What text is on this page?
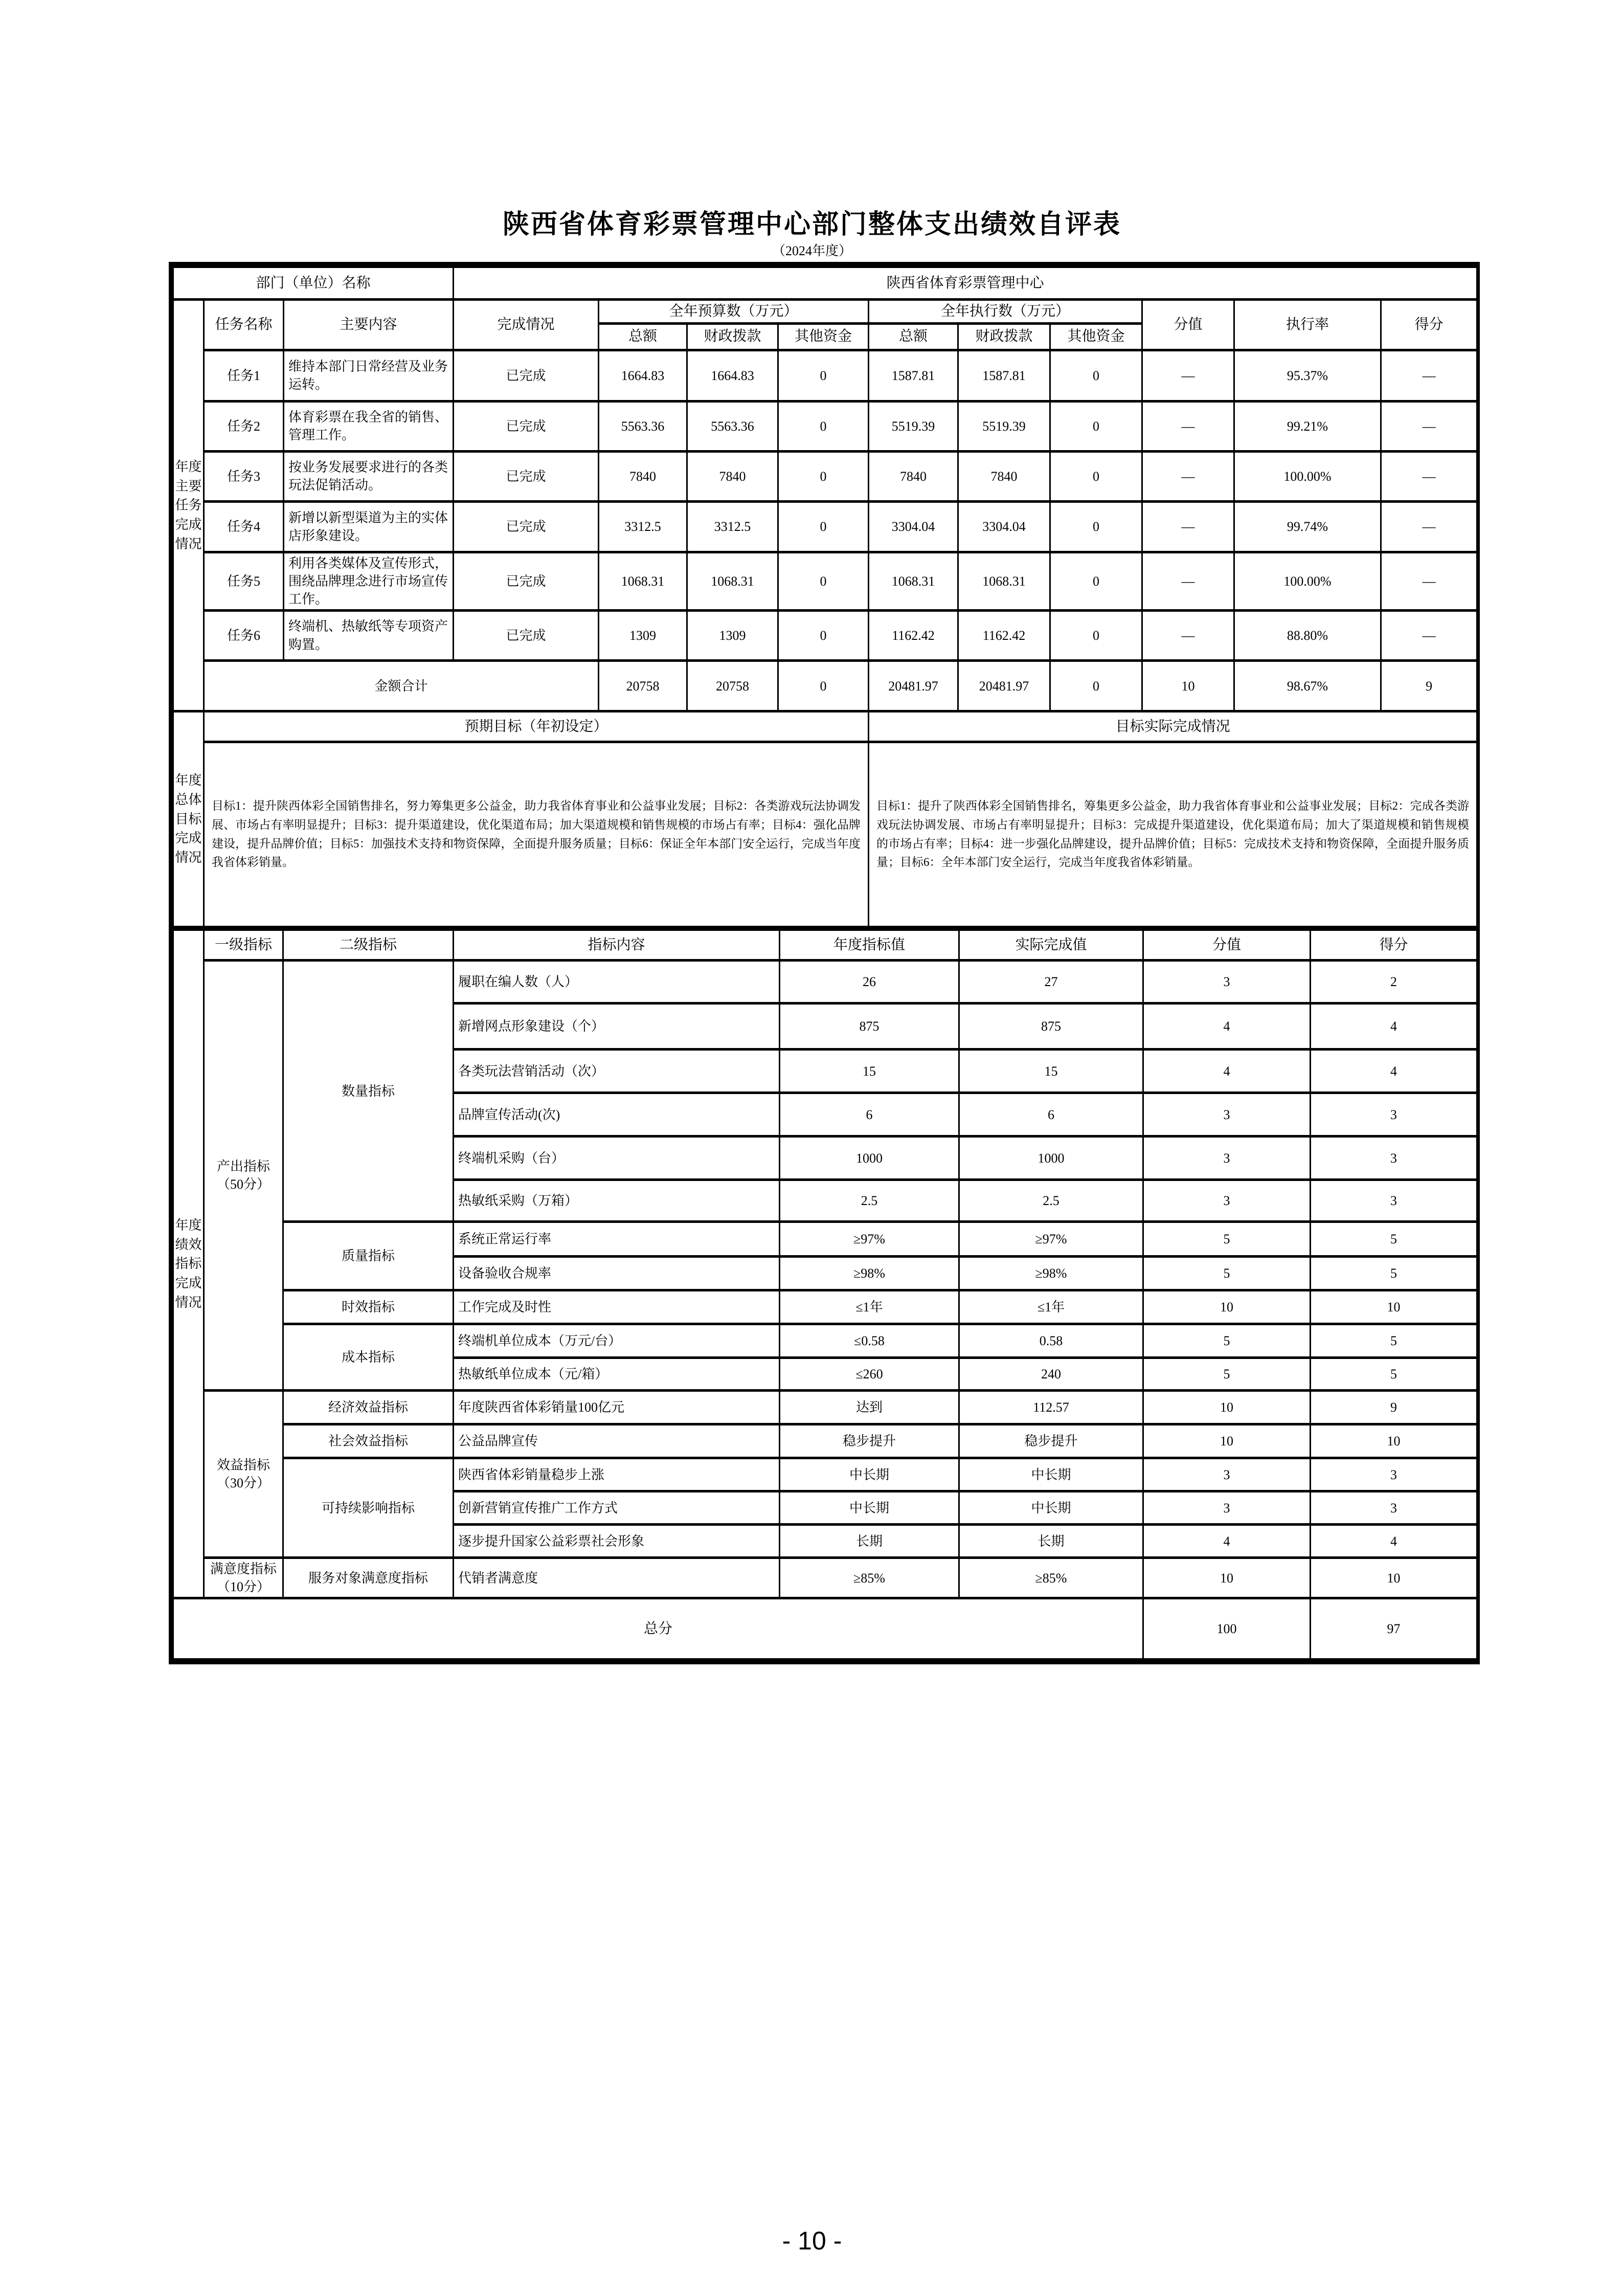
陕西省体育彩票管理中心部门整体支出绩效自评表
（2024年度）
部门（单位）名称			陕西省体育彩票管理中心									
年度主要任务完成情况	任务名称	主要内容	完成情况	全年预算数（万元）			全年执行数（万元）			分值	执行率	得分
				总额	财政拨款	其他资金	总额	财政拨款	其他资金			
	任务1	维持本部门日常经营及业务运转。	已完成	1664.83	1664.83	0	1587.81	1587.81	0	—	95.37%	—
	任务2	体育彩票在我全省的销售、管理工作。	已完成	5563.36	5563.36	0	5519.39	5519.39	0	—	99.21%	—
	任务3	按业务发展要求进行的各类玩法促销活动。	已完成	7840	7840	0	7840	7840	0	—	100.00%	—
	任务4	新增以新型渠道为主的实体店形象建设。	已完成	3312.5	3312.5	0	3304.04	3304.04	0	—	99.74%	—
	任务5	利用各类媒体及宣传形式，围绕品牌理念进行市场宣传工作。	已完成	1068.31	1068.31	0	1068.31	1068.31	0	—	100.00%	—
	任务6	终端机、热敏纸等专项资产购置。	已完成	1309	1309	0	1162.42	1162.42	0	—	88.80%	—
	金额合计			20758	20758	0	20481.97	20481.97	0	10	98.67%	9
年度总体目标完成情况	预期目标（年初设定）						目标实际完成情况					
	目标1：提升陕西体彩全国销售排名，努力筹集更多公益金，助力我省体育事业和公益事业发展；目标2：各类游戏玩法协调发展、市场占有率明显提升；目标3：提升渠道建设，优化渠道布局；加大渠道规模和销售规模的市场占有率；目标4：强化品牌建设，提升品牌价值；目标5：加强技术支持和物资保障，全面提升服务质量；目标6：保证全年本部门安全运行，完成当年度我省体彩销量。						目标1：提升了陕西体彩全国销售排名，筹集更多公益金，助力我省体育事业和公益事业发展；目标2：完成各类游戏玩法协调发展、市场占有率明显提升；目标3：完成提升渠道建设，优化渠道布局；加大了渠道规模和销售规模的市场占有率；目标4：进一步强化品牌建设，提升品牌价值；目标5：完成技术支持和物资保障，全面提升服务质量；目标6：全年本部门安全运行，完成当年度我省体彩销量。					
年度绩效指标完成情况	一级指标	二级指标	指标内容	年度指标值	实际完成值	分值	得分
	产出指标（50分）	数量指标	履职在编人数（人）	26	27	3	2
			新增网点形象建设（个）	875	875	4	4
			各类玩法营销活动（次）	15	15	4	4
			品牌宣传活动(次)	6	6	3	3
			终端机采购（台）	1000	1000	3	3
			热敏纸采购（万箱）	2.5	2.5	3	3
		质量指标	系统正常运行率	≥97%	≥97%	5	5
			设备验收合规率	≥98%	≥98%	5	5
		时效指标	工作完成及时性	≤1年	≤1年	10	10
		成本指标	终端机单位成本（万元/台）	≤0.58	0.58	5	5
			热敏纸单位成本（元/箱）	≤260	240	5	5
	效益指标（30分）	经济效益指标	年度陕西省体彩销量100亿元	达到	112.57	10	9
		社会效益指标	公益品牌宣传	稳步提升	稳步提升	10	10
		可持续影响指标	陕西省体彩销量稳步上涨	中长期	中长期	3	3
			创新营销宣传推广工作方式	中长期	中长期	3	3
			逐步提升国家公益彩票社会形象	长期	长期	4	4
	满意度指标（10分）	服务对象满意度指标	代销者满意度	≥85%	≥85%	10	10
总分						100	97
- 10 -
